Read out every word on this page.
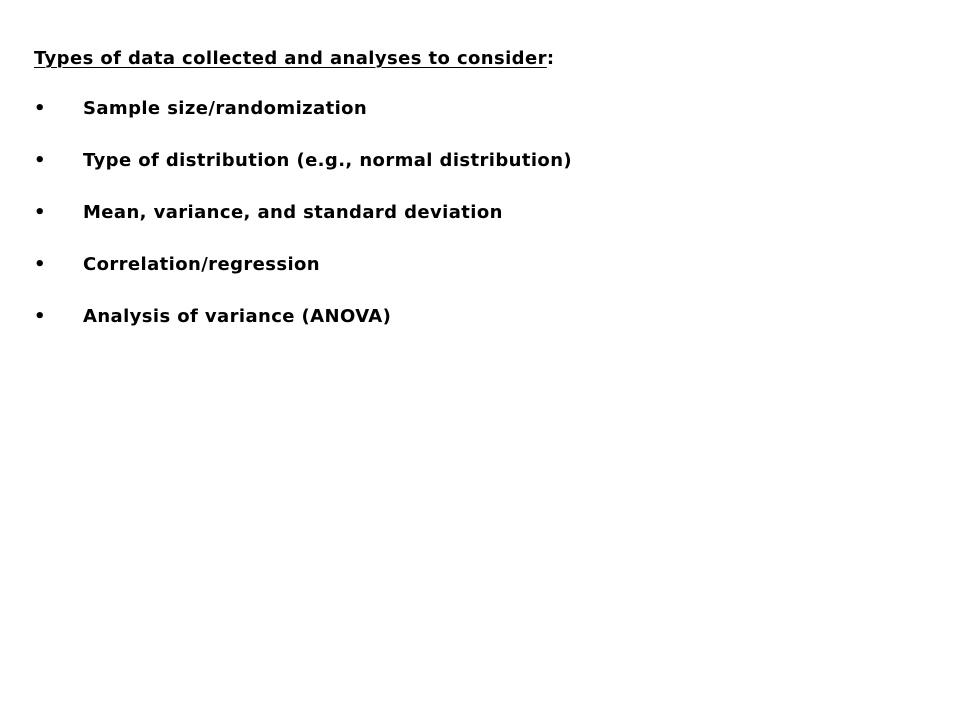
Types of data collected and analyses to consider:
• Sample size/randomization
• Type of distribution (e.g., normal distribution)
• Mean, variance, and standard deviation
• Correlation/regression
• Analysis of variance (ANOVA)
